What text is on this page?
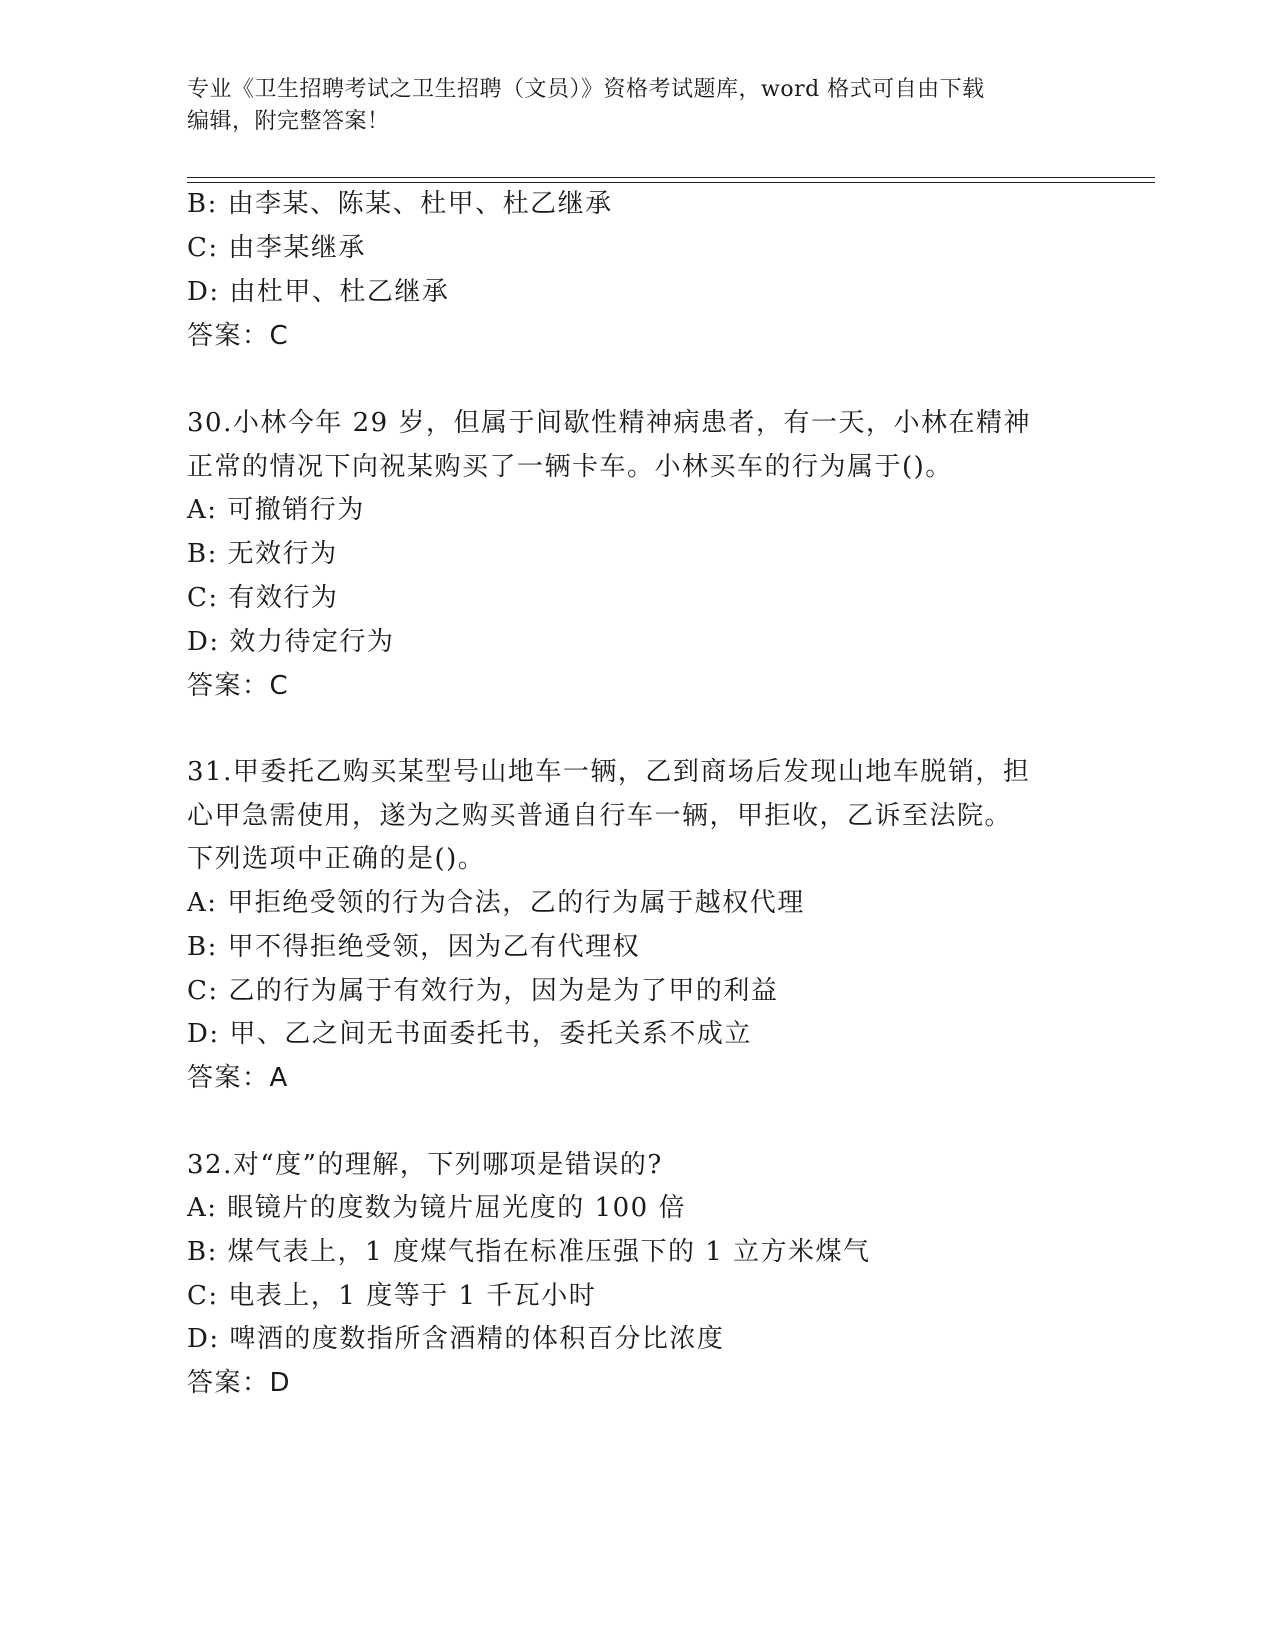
专业《卫生招聘考试之卫生招聘（文员）》资格考试题库，word 格式可自由下载
编辑，附完整答案！
B: 由李某、陈某、杜甲、杜乙继承
C: 由李某继承
D: 由杜甲、杜乙继承
答案：C
30.小林今年 29 岁，但属于间歇性精神病患者，有一天，小林在精神
正常的情况下向祝某购买了一辆卡车。小林买车的行为属于()。
A: 可撤销行为
B: 无效行为
C: 有效行为
D: 效力待定行为
答案：C
31.甲委托乙购买某型号山地车一辆，乙到商场后发现山地车脱销，担
心甲急需使用，遂为之购买普通自行车一辆，甲拒收，乙诉至法院。
下列选项中正确的是()。
A: 甲拒绝受领的行为合法，乙的行为属于越权代理
B: 甲不得拒绝受领，因为乙有代理权
C: 乙的行为属于有效行为，因为是为了甲的利益
D: 甲、乙之间无书面委托书，委托关系不成立
答案：A
32.对“度”的理解，下列哪项是错误的?
A: 眼镜片的度数为镜片屈光度的 100 倍
B: 煤气表上，1 度煤气指在标准压强下的 1 立方米煤气
C: 电表上，1 度等于 1 千瓦小时
D: 啤酒的度数指所含酒精的体积百分比浓度
答案：D
